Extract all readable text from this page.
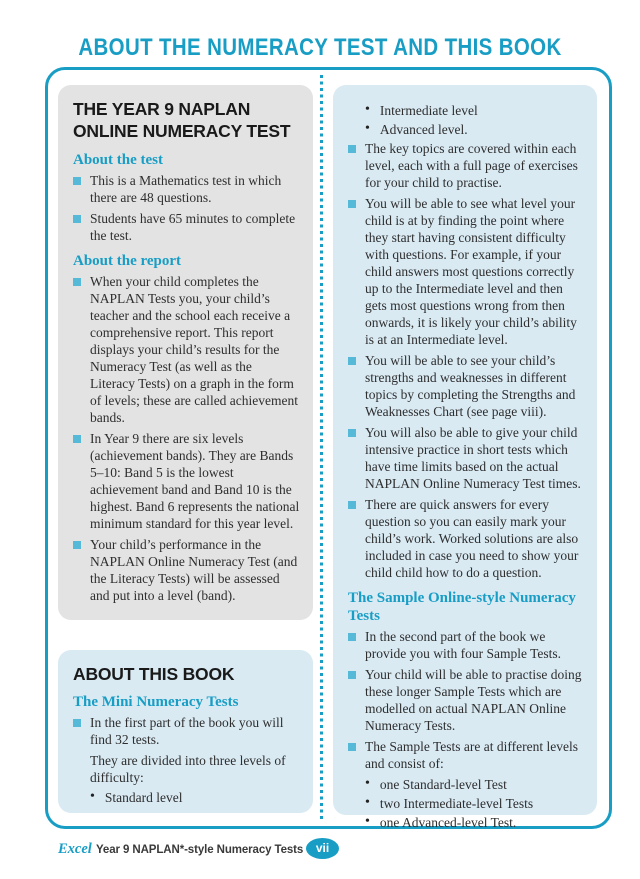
ABOUT THE NUMERACY TEST AND THIS BOOK
THE YEAR 9 NAPLAN ONLINE NUMERACY TEST
About the test
This is a Mathematics test in which there are 48 questions.
Students have 65 minutes to complete the test.
About the report
When your child completes the NAPLAN Tests you, your child’s teacher and the school each receive a comprehensive report. This report displays your child’s results for the Numeracy Test (as well as the Literacy Tests) on a graph in the form of levels; these are called achievement bands.
In Year 9 there are six levels (achievement bands). They are Bands 5–10: Band 5 is the lowest achievement band and Band 10 is the highest. Band 6 represents the national minimum standard for this year level.
Your child’s performance in the NAPLAN Online Numeracy Test (and the Literacy Tests) will be assessed and put into a level (band).
ABOUT THIS BOOK
The Mini Numeracy Tests
In the first part of the book you will find 32 tests.
They are divided into three levels of difficulty:
• Standard level
• Intermediate level
• Advanced level.
The key topics are covered within each level, each with a full page of exercises for your child to practise.
You will be able to see what level your child is at by finding the point where they start having consistent difficulty with questions. For example, if your child answers most questions correctly up to the Intermediate level and then gets most questions wrong from then onwards, it is likely your child’s ability is at an Intermediate level.
You will be able to see your child’s strengths and weaknesses in different topics by completing the Strengths and Weaknesses Chart (see page viii).
You will also be able to give your child intensive practice in short tests which have time limits based on the actual NAPLAN Online Numeracy Test times.
There are quick answers for every question so you can easily mark your child’s work. Worked solutions are also included in case you need to show your child child how to do a question.
The Sample Online-style Numeracy Tests
In the second part of the book we provide you with four Sample Tests.
Your child will be able to practise doing these longer Sample Tests which are modelled on actual NAPLAN Online Numeracy Tests.
The Sample Tests are at different levels and consist of:
• one Standard-level Test
• two Intermediate-level Tests
• one Advanced-level Test.
Excel Year 9 NAPLAN*-style Numeracy Tests	vii
